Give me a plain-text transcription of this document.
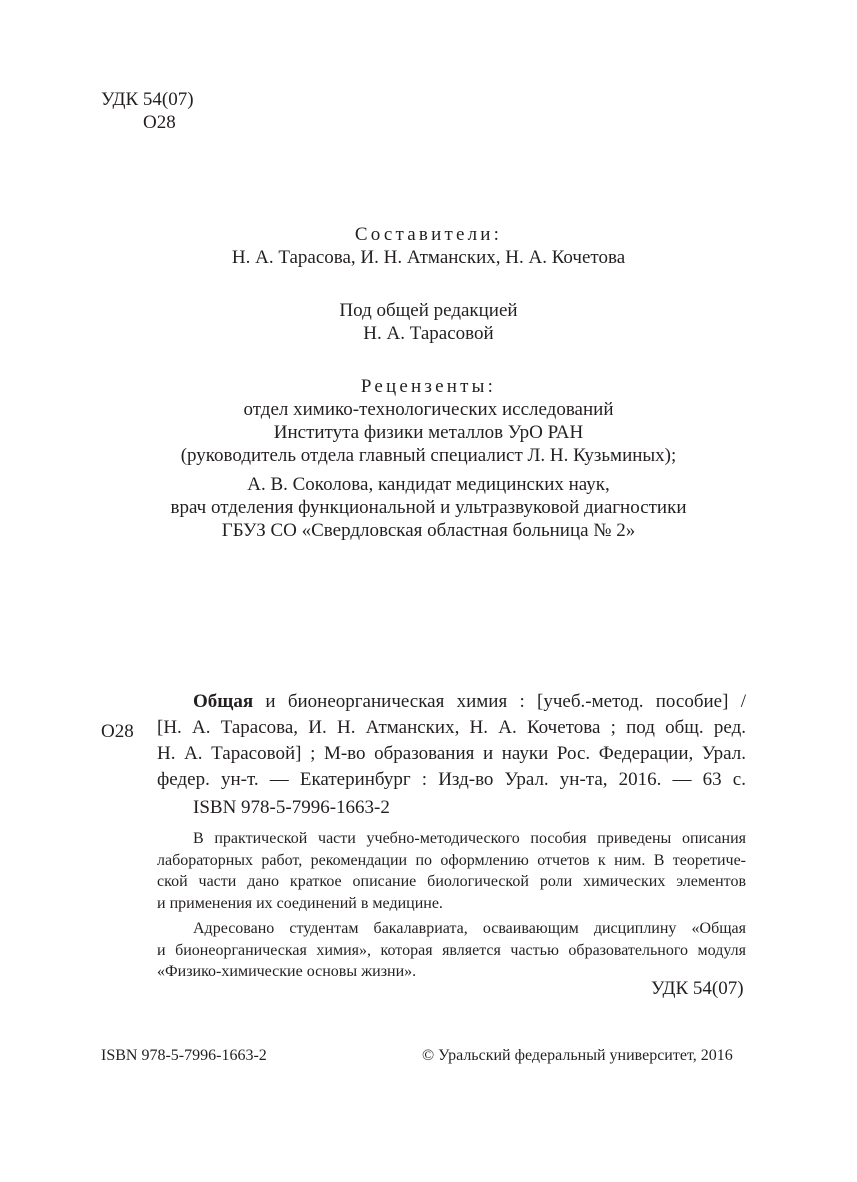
УДК 54(07)
О28
Составители:
Н. А. Тарасова, И. Н. Атманских, Н. А. Кочетова
Под общей редакцией
Н. А. Тарасовой
Рецензенты:
отдел химико-технологических исследований
Института физики металлов УрО РАН
(руководитель отдела главный специалист Л. Н. Кузьминых);
А. В. Соколова, кандидат медицинских наук,
врач отделения функциональной и ультразвуковой диагностики
ГБУЗ СО «Свердловская областная больница № 2»
О28
Общая и бионеорганическая химия : [учеб.-метод. пособие] /
[Н. А. Тарасова, И. Н. Атманских, Н. А. Кочетова ; под общ. ред.
Н. А. Тарасовой] ; М-во образования и науки Рос. Федерации, Урал.
федер. ун-т. — Екатеринбург : Изд-во Урал. ун-та, 2016. — 63 с.
ISBN 978-5-7996-1663-2
В практической части учебно-методического пособия приведены описания
лабораторных работ, рекомендации по оформлению отчетов к ним. В теоретиче-
ской части дано краткое описание биологической роли химических элементов
и применения их соединений в медицине.
Адресовано студентам бакалавриата, осваивающим дисциплину «Общая
и бионеорганическая химия», которая является частью образовательного модуля
«Физико-химические основы жизни».
УДК 54(07)
ISBN 978-5-7996-1663-2	© Уральский федеральный университет, 2016
